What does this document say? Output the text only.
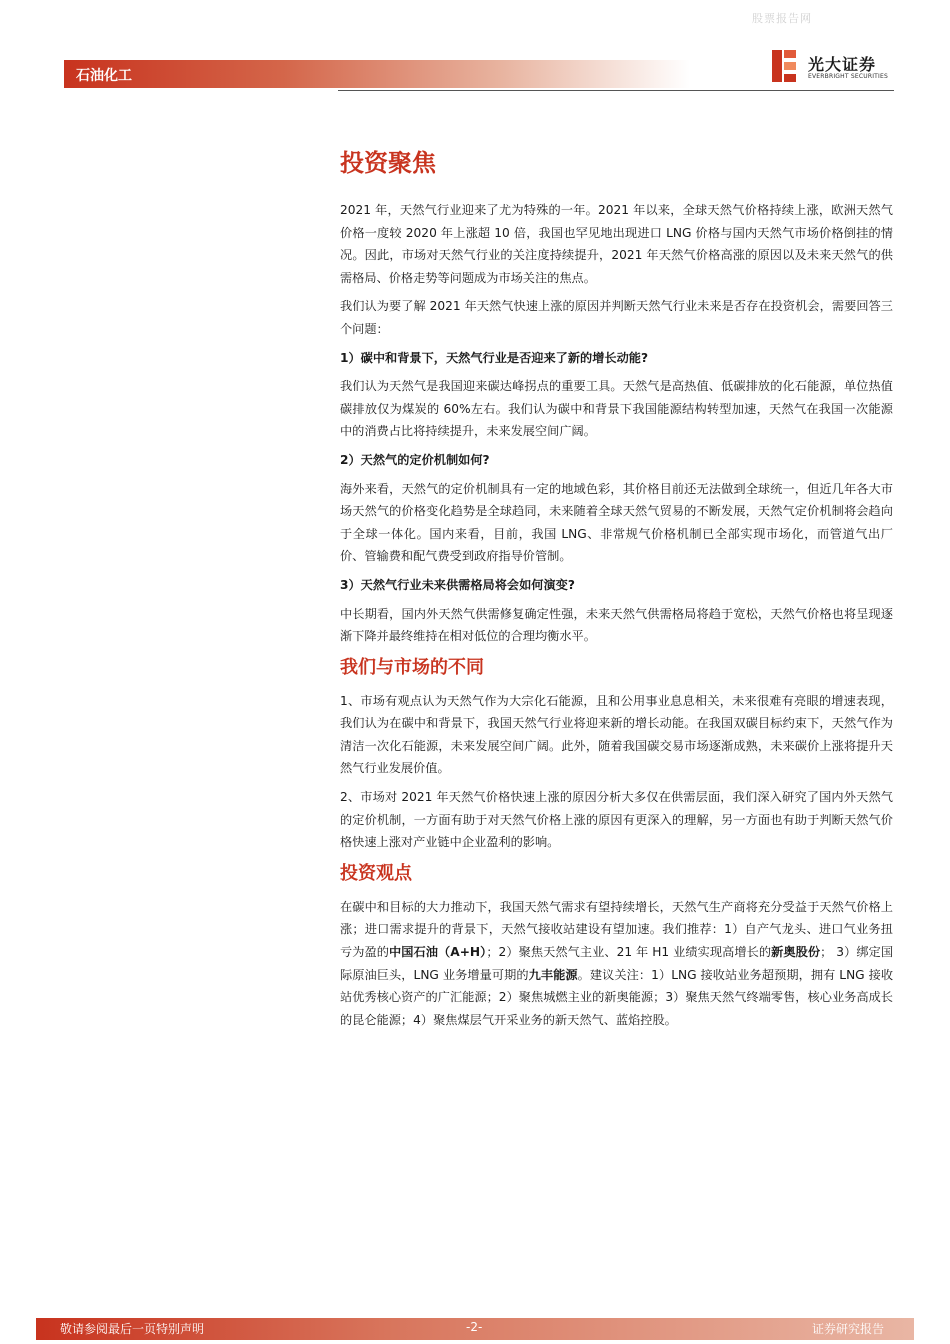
股票报告网
石油化工
光大证券
EVERBRIGHT SECURITIES
投资聚焦

2021 年，天然气行业迎来了尤为特殊的一年。2021 年以来，全球天然气价格持续上涨，欧洲天然气价格一度较 2020 年上涨超 10 倍，我国也罕见地出现进口 LNG 价格与国内天然气市场价格倒挂的情况。因此，市场对天然气行业的关注度持续提升，2021 年天然气价格高涨的原因以及未来天然气的供需格局、价格走势等问题成为市场关注的焦点。

我们认为要了解 2021 年天然气快速上涨的原因并判断天然气行业未来是否存在投资机会，需要回答三个问题：

1）碳中和背景下，天然气行业是否迎来了新的增长动能?

我们认为天然气是我国迎来碳达峰拐点的重要工具。天然气是高热值、低碳排放的化石能源，单位热值碳排放仅为煤炭的 60%左右。我们认为碳中和背景下我国能源结构转型加速，天然气在我国一次能源中的消费占比将持续提升，未来发展空间广阔。

2）天然气的定价机制如何?

海外来看，天然气的定价机制具有一定的地域色彩，其价格目前还无法做到全球统一，但近几年各大市场天然气的价格变化趋势是全球趋同，未来随着全球天然气贸易的不断发展，天然气定价机制将会趋向于全球一体化。国内来看，目前，我国 LNG、非常规气价格机制已全部实现市场化，而管道气出厂价、管输费和配气费受到政府指导价管制。

3）天然气行业未来供需格局将会如何演变?

中长期看，国内外天然气供需修复确定性强，未来天然气供需格局将趋于宽松，天然气价格也将呈现逐渐下降并最终维持在相对低位的合理均衡水平。

我们与市场的不同

1、市场有观点认为天然气作为大宗化石能源，且和公用事业息息相关，未来很难有亮眼的增速表现，我们认为在碳中和背景下，我国天然气行业将迎来新的增长动能。在我国双碳目标约束下，天然气作为清洁一次化石能源，未来发展空间广阔。此外，随着我国碳交易市场逐渐成熟，未来碳价上涨将提升天然气行业发展价值。

2、市场对 2021 年天然气价格快速上涨的原因分析大多仅在供需层面，我们深入研究了国内外天然气的定价机制，一方面有助于对天然气价格上涨的原因有更深入的理解，另一方面也有助于判断天然气价格快速上涨对产业链中企业盈利的影响。

投资观点

在碳中和目标的大力推动下，我国天然气需求有望持续增长，天然气生产商将充分受益于天然气价格上涨；进口需求提升的背景下，天然气接收站建设有望加速。我们推荐：1）自产气龙头、进口气业务扭亏为盈的中国石油（A+H）；2）聚焦天然气主业、21 年 H1 业绩实现高增长的新奥股份； 3）绑定国际原油巨头，LNG 业务增量可期的九丰能源。建议关注：1）LNG 接收站业务超预期，拥有 LNG 接收站优秀核心资产的广汇能源；2）聚焦城燃主业的新奥能源；3）聚焦天然气终端零售，核心业务高成长的昆仑能源；4）聚焦煤层气开采业务的新天然气、蓝焰控股。

敬请参阅最后一页特别声明	-2-	证券研究报告
